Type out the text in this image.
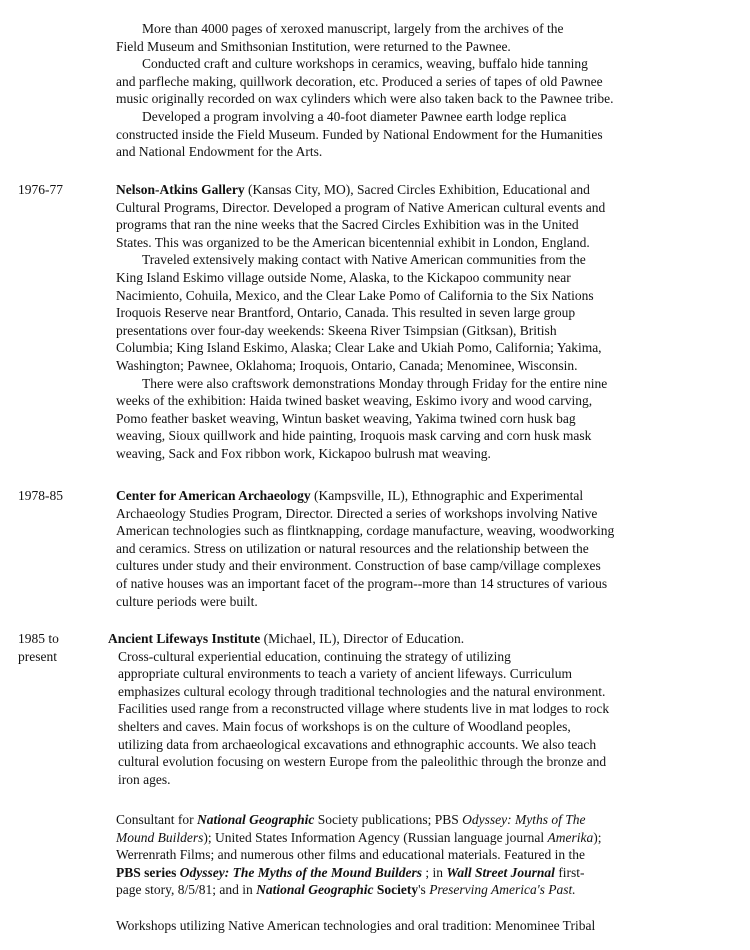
More than 4000 pages of xeroxed manuscript, largely from the archives of the
Field Museum and Smithsonian Institution, were returned to the Pawnee.
Conducted craft and culture workshops in ceramics, weaving, buffalo hide tanning
and parfleche making, quillwork decoration, etc. Produced a series of tapes of old Pawnee
music originally recorded on wax cylinders which were also taken back to the Pawnee tribe.
Developed a program involving a 40-foot diameter Pawnee earth lodge replica
constructed inside the Field Museum. Funded by National Endowment for the Humanities
and National Endowment for the Arts.
1976-77	Nelson-Atkins Gallery (Kansas City, MO), Sacred Circles Exhibition, Educational and
Cultural Programs, Director. Developed a program of Native American cultural events and
programs that ran the nine weeks that the Sacred Circles Exhibition was in the United
States. This was organized to be the American bicentennial exhibit in London, England.
Traveled extensively making contact with Native American communities from the
King Island Eskimo village outside Nome, Alaska, to the Kickapoo community near
Nacimiento, Cohuila, Mexico, and the Clear Lake Pomo of California to the Six Nations
Iroquois Reserve near Brantford, Ontario, Canada. This resulted in seven large group
presentations over four-day weekends: Skeena River Tsimpsian (Gitksan), British
Columbia; King Island Eskimo, Alaska; Clear Lake and Ukiah Pomo, California; Yakima,
Washington; Pawnee, Oklahoma; Iroquois, Ontario, Canada; Menominee, Wisconsin.
There were also craftswork demonstrations Monday through Friday for the entire nine
weeks of the exhibition: Haida twined basket weaving, Eskimo ivory and wood carving,
Pomo feather basket weaving, Wintun basket weaving, Yakima twined corn husk bag
weaving, Sioux quillwork and hide painting, Iroquois mask carving and corn husk mask
weaving, Sack and Fox ribbon work, Kickapoo bulrush mat weaving.
1978-85	Center for American Archaeology (Kampsville, IL), Ethnographic and Experimental
Archaeology Studies Program, Director. Directed a series of workshops involving Native
American technologies such as flintknapping, cordage manufacture, weaving, woodworking
and ceramics. Stress on utilization or natural resources and the relationship between the
cultures under study and their environment. Construction of base camp/village complexes
of native houses was an important facet of the program--more than 14 structures of various
culture periods were built.
1985 to
present
Ancient Lifeways Institute (Michael, IL), Director of Education.
Cross-cultural experiential education, continuing the strategy of utilizing
appropriate cultural environments to teach a variety of ancient lifeways. Curriculum
emphasizes cultural ecology through traditional technologies and the natural environment.
Facilities used range from a reconstructed village where students live in mat lodges to rock
shelters and caves. Main focus of workshops is on the culture of Woodland peoples,
utilizing data from archaeological excavations and ethnographic accounts. We also teach
cultural evolution focusing on western Europe from the paleolithic through the bronze and
iron ages.
Consultant for National Geographic Society publications; PBS Odyssey: Myths of The
Mound Builders); United States Information Agency (Russian language journal Amerika);
Werrenrath Films; and numerous other films and educational materials. Featured in the
PBS series Odyssey: The Myths of the Mound Builders ; in Wall Street Journal first-
page story, 8/5/81; and in National Geographic Society's Preserving America's Past.
Workshops utilizing Native American technologies and oral tradition: Menominee Tribal
